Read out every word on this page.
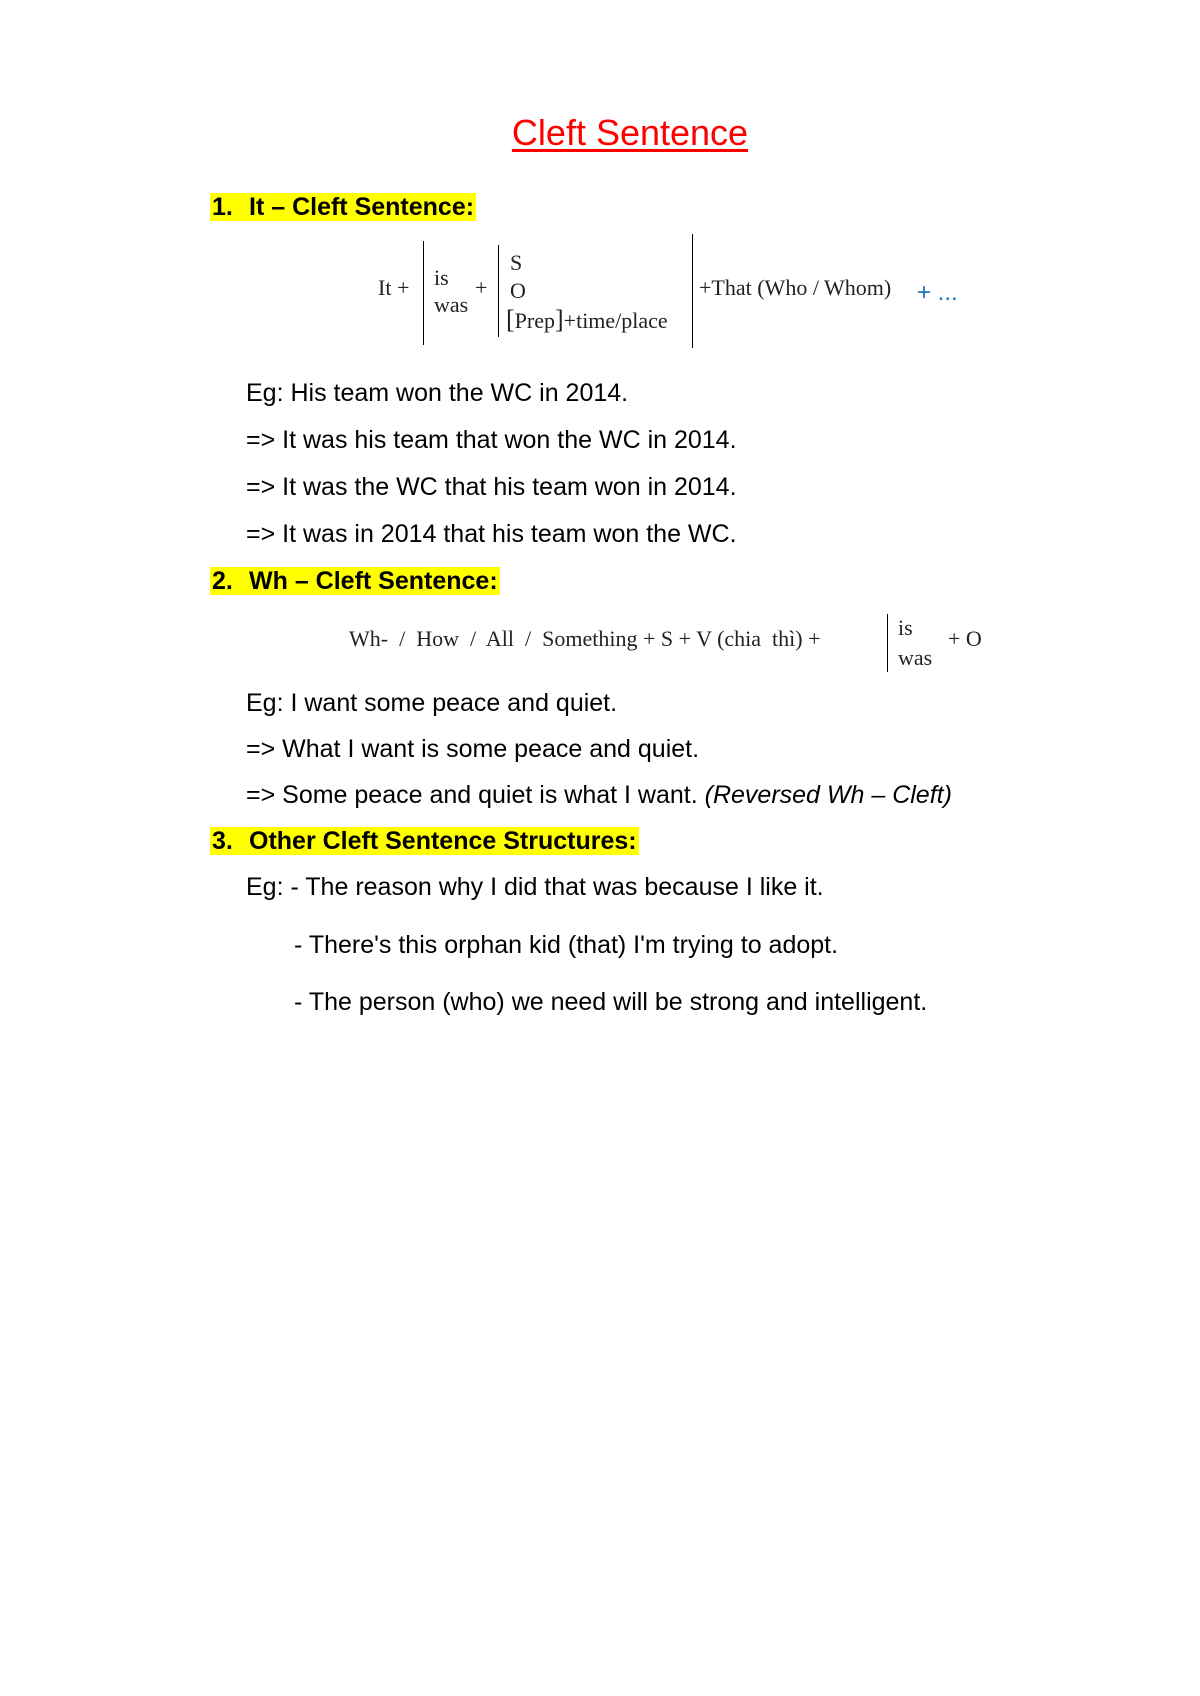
Cleft Sentence
1. It – Cleft Sentence:
It + is
was
+
S
O
[Prep]+time/place
+That (Who / Whom) + ...
Eg: His team won the WC in 2014.
=> It was his team that won the WC in 2014.
=> It was the WC that his team won in 2014.
=> It was in 2014 that his team won the WC.
2. Wh – Cleft Sentence:
Wh-  /  How  /  All  /  Something + S + V (chia  thì) +	is
was
+ O
Eg: I want some peace and quiet.
=> What I want is some peace and quiet.
=> Some peace and quiet is what I want. (Reversed Wh – Cleft)
3. Other Cleft Sentence Structures:
Eg: - The reason why I did that was because I like it.
- There's this orphan kid (that) I'm trying to adopt.
- The person (who) we need will be strong and intelligent.
